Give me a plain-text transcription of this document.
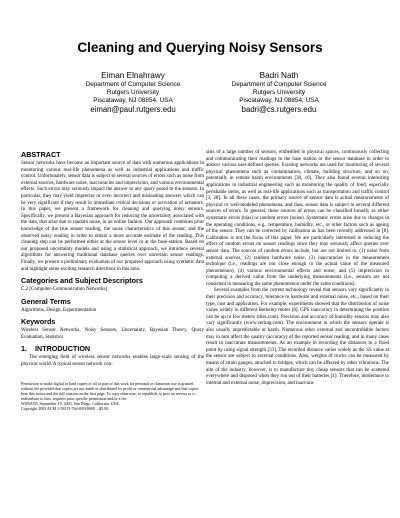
Cleaning and Querying Noisy Sensors
Eiman Elnahrawy
Department of Computer Science
Rutgers University
Piscataway, NJ 08854, USA
eiman@paul.rutgers.edu
Badri Nath
Department of Computer Science
Rutgers University
Piscataway, NJ 08854, USA
badri@cs.rutgers.edu
ABSTRACT

Sensor networks have become an important source of data with numerous applications in monitoring various real-life phenomena as well as industrial applications and traffic control. Unfortunately, sensor data is subject to several sources of errors such as noise from external sources, hardware noise, inaccuracies and imprecision, and various environmental effects. Such errors may seriously impact the answer to any query posed to the sensors. In particular, they may yield imprecise or even incorrect and misleading answers which can be very significant if they result in immediate critical decisions or activation of actuators. In this paper, we present a framework for cleaning and querying noisy sensors. Specifically, we present a Bayesian approach for reducing the uncertainty associated with the data, that arise due to random noise, in an online fashion. Our approach combines prior knowledge of the true sensor reading, the noise characteristics of this sensor, and the observed noisy reading in order to obtain a more accurate estimate of the reading. This cleaning step can be performed either at the sensor level or at the base-station. Based on our proposed uncertainty models and using a statistical approach, we introduce several algorithms for answering traditional database queries over uncertain sensor readings. Finally, we present a preliminary evaluation of our proposed approach using synthetic data and highlight some exciting research directions in this area.

Categories and Subject Descriptors

C.2 [Computer-Communication Networks]

General Terms

Algorithms, Design, Experimentation

Keywords

Wireless Sensor Networks, Noisy Sensors, Uncertainty, Bayesian Theory, Query Evaluation, Statistics

1. INTRODUCTION

The emerging field of wireless sensor networks enables large-scale sensing of the physical world. A typical sensor network con-

Permission to make digital or hard copies of all or part of this work for personal or classroom use is granted without fee provided that copies are not made or distributed for profit or commercial advantage and that copies bear this notice and the full citation on the first page. To copy otherwise, to republish, to post on servers or to redistribute to lists, requires prior specific permission and/or a fee.

WSNA'03, September 19, 2003, San Diego, California, USA.

Copyright 2003 ACM 1-58113-764-8/03/0009 ...$5.00.

sists of a large number of sensors, embedded in physical spaces, continuously collecting and communicating their readings to the base station or the sensor database in order to answer various user-defined queries. Existing networks are used for monitoring of several physical phenomena such as contamination, climate, building structure, and so on, potentially in remote harsh environments [30, 16]. They also found several interesting applications in industrial engineering such as monitoring the quality of food, especially perishable items, as well as real-life applications such as transportation and traffic control [3, 28]. In all these cases, the primary source of sensor data is actual measurements of physical or well-modeled phenomena, and thus, sensor data is subject to several different sources of errors. In general, these sources of errors can be classified broadly as either systematic errors (bias) or random errors (noise). Systematic errors arise due to changes in the operating conditions, e.g., temperature, humidity, etc., or other factors such as ageing of the sensor. They can be corrected by calibration as has been recently addressed in [8]. Calibration is not the focus of this paper. We are particularly interested in reducing the effect of random errors on sensor readings since they may seriously affect queries over sensor data. The sources of random errors include, but are not limited to, (1) noise from external sources, (2) random hardware noise, (3) inaccuracies in the measurement technique (i.e., readings are not close enough to the actual value of the measured phenomenon), (4) various environmental effects and noise, and (5) imprecision in computing a derived value from the underlying measurements (i.e., sensors are not consistent in measuring the same phenomenon under the same conditions).

Several examples from the current technology reveal that sensors vary significantly in their precision and accuracy, tolerance to hardware and external noise, etc., based on their type, cost and application. For example, experiments showed that the distribution of noise varies widely in different Berkeley motes [8]. GPS inaccuracy in determining the position can be up to few meters (tiles.com). Precision and accuracy of humidity sensors may also vary significantly (www.veritag.com). The environment in which the sensors operate is also usually unpredictable or harsh. Numerous other external and uncontrollable factors may in turn affect the quality (accuracy) of the reported sensor reading, and in many cases result in inaccurate measurements. As an example in recording the distances to a fixed point by using signal strength [33]. The recorded distance varies widely as the SS value at the sensor are subject to external conditions. Also, weights of trucks can be measured by means of strain gauges, attached to bridges, which can be affected by other vibrations. The aim of the industry, however, is to manufacture tiny cheap sensors that can be scattered everywhere and disposed when they run out of their batteries [1]. Therefore, intolerance to internal and external noise, imprecision, and inaccura-
